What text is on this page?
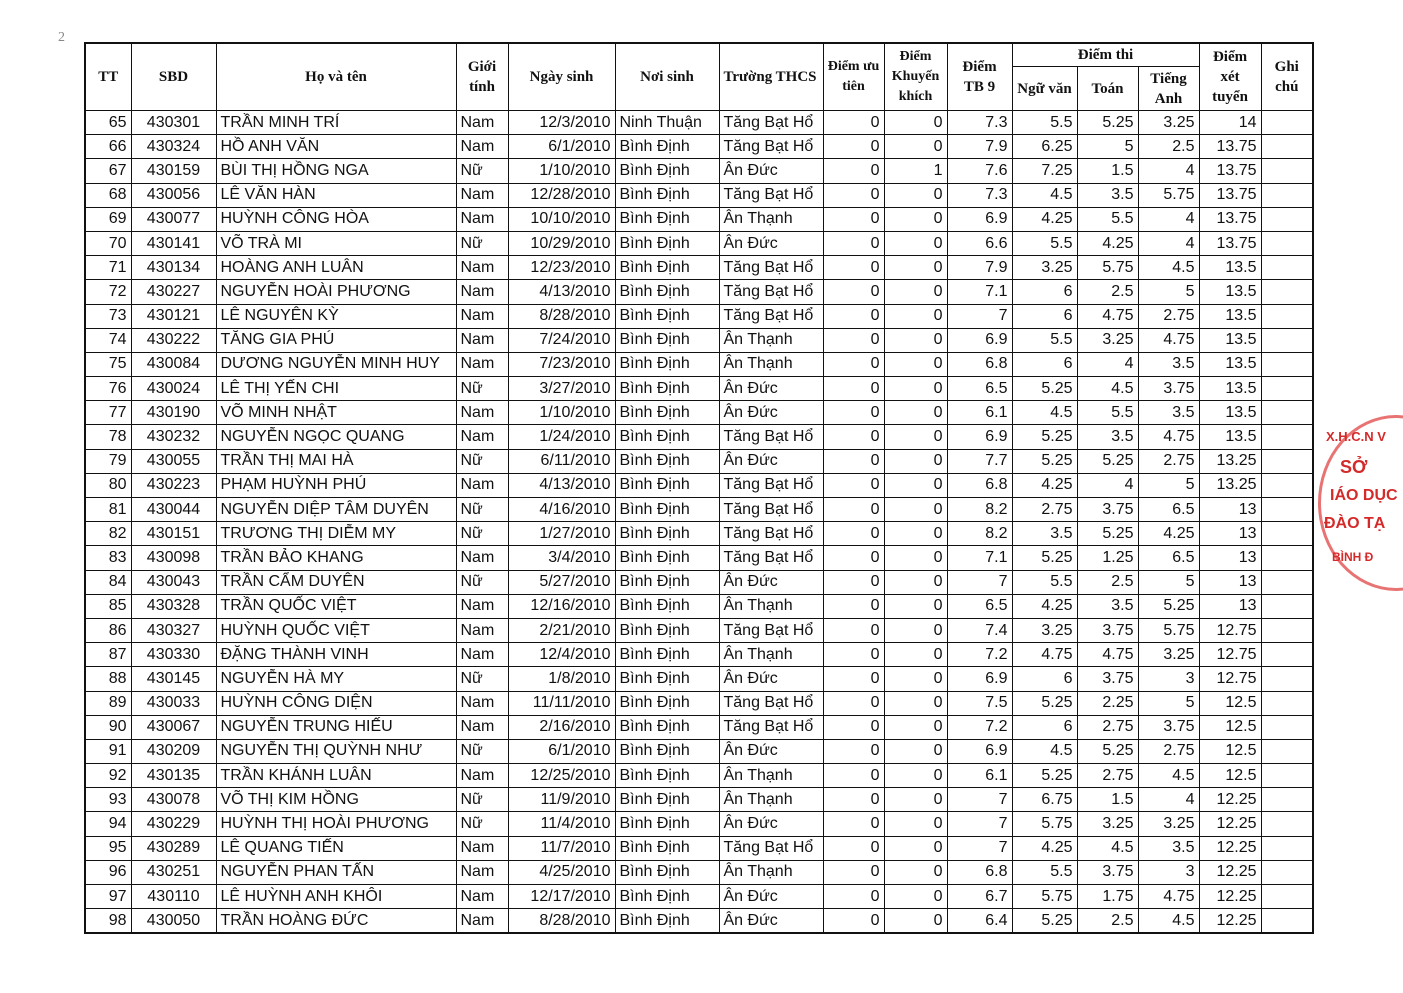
2
TT	SBD	Họ và tên	Giới tính	Ngày sinh	Nơi sinh	Trường THCS	Điểm ưu tiên	Điểm Khuyến khích	Điểm TB 9	Điểm thi			Điểm xét tuyển	Ghi chú
										Ngữ văn	Toán	Tiếng Anh		
65	430301	TRẦN MINH TRÍ	Nam	12/3/2010	Ninh Thuận	Tăng Bạt Hổ	0	0	7.3	5.5	5.25	3.25	14	
66	430324	HỒ ANH VĂN	Nam	6/1/2010	Bình Định	Tăng Bạt Hổ	0	0	7.9	6.25	5	2.5	13.75	
67	430159	BÙI THỊ HỒNG NGA	Nữ	1/10/2010	Bình Định	Ân Đức	0	1	7.6	7.25	1.5	4	13.75	
68	430056	LÊ VĂN HÀN	Nam	12/28/2010	Bình Định	Tăng Bạt Hổ	0	0	7.3	4.5	3.5	5.75	13.75	
69	430077	HUỲNH CÔNG HÒA	Nam	10/10/2010	Bình Định	Ân Thạnh	0	0	6.9	4.25	5.5	4	13.75	
70	430141	VÕ TRÀ MI	Nữ	10/29/2010	Bình Định	Ân Đức	0	0	6.6	5.5	4.25	4	13.75	
71	430134	HOÀNG ANH LUÂN	Nam	12/23/2010	Bình Định	Tăng Bạt Hổ	0	0	7.9	3.25	5.75	4.5	13.5	
72	430227	NGUYỄN HOÀI PHƯƠNG	Nam	4/13/2010	Bình Định	Tăng Bạt Hổ	0	0	7.1	6	2.5	5	13.5	
73	430121	LÊ NGUYÊN KỲ	Nam	8/28/2010	Bình Định	Tăng Bạt Hổ	0	0	7	6	4.75	2.75	13.5	
74	430222	TĂNG GIA PHÚ	Nam	7/24/2010	Bình Định	Ân Thạnh	0	0	6.9	5.5	3.25	4.75	13.5	
75	430084	DƯƠNG NGUYỄN MINH HUY	Nam	7/23/2010	Bình Định	Ân Thạnh	0	0	6.8	6	4	3.5	13.5	
76	430024	LÊ THỊ YẾN CHI	Nữ	3/27/2010	Bình Định	Ân Đức	0	0	6.5	5.25	4.5	3.75	13.5	
77	430190	VÕ MINH NHẬT	Nam	1/10/2010	Bình Định	Ân Đức	0	0	6.1	4.5	5.5	3.5	13.5	
78	430232	NGUYỄN NGỌC QUANG	Nam	1/24/2010	Bình Định	Tăng Bạt Hổ	0	0	6.9	5.25	3.5	4.75	13.5	
79	430055	TRẦN THỊ MAI HÀ	Nữ	6/11/2010	Bình Định	Ân Đức	0	0	7.7	5.25	5.25	2.75	13.25	
80	430223	PHẠM HUỲNH PHÚ	Nam	4/13/2010	Bình Định	Tăng Bạt Hổ	0	0	6.8	4.25	4	5	13.25	
81	430044	NGUYỄN DIỆP TÂM DUYÊN	Nữ	4/16/2010	Bình Định	Tăng Bạt Hổ	0	0	8.2	2.75	3.75	6.5	13	
82	430151	TRƯƠNG THỊ DIỄM MY	Nữ	1/27/2010	Bình Định	Tăng Bạt Hổ	0	0	8.2	3.5	5.25	4.25	13	
83	430098	TRẦN BẢO KHANG	Nam	3/4/2010	Bình Định	Tăng Bạt Hổ	0	0	7.1	5.25	1.25	6.5	13	
84	430043	TRẦN CẨM DUYÊN	Nữ	5/27/2010	Bình Định	Ân Đức	0	0	7	5.5	2.5	5	13	
85	430328	TRẦN QUỐC VIỆT	Nam	12/16/2010	Bình Định	Ân Thạnh	0	0	6.5	4.25	3.5	5.25	13	
86	430327	HUỲNH QUỐC VIỆT	Nam	2/21/2010	Bình Định	Tăng Bạt Hổ	0	0	7.4	3.25	3.75	5.75	12.75	
87	430330	ĐẶNG THÀNH VINH	Nam	12/4/2010	Bình Định	Ân Thạnh	0	0	7.2	4.75	4.75	3.25	12.75	
88	430145	NGUYỄN HÀ MY	Nữ	1/8/2010	Bình Định	Ân Đức	0	0	6.9	6	3.75	3	12.75	
89	430033	HUỲNH CÔNG DIỆN	Nam	11/11/2010	Bình Định	Tăng Bạt Hổ	0	0	7.5	5.25	2.25	5	12.5	
90	430067	NGUYỄN TRUNG HIẾU	Nam	2/16/2010	Bình Định	Tăng Bạt Hổ	0	0	7.2	6	2.75	3.75	12.5	
91	430209	NGUYỄN THỊ QUỲNH NHƯ	Nữ	6/1/2010	Bình Định	Ân Đức	0	0	6.9	4.5	5.25	2.75	12.5	
92	430135	TRẦN KHÁNH LUÂN	Nam	12/25/2010	Bình Định	Ân Thạnh	0	0	6.1	5.25	2.75	4.5	12.5	
93	430078	VÕ THỊ KIM HỒNG	Nữ	11/9/2010	Bình Định	Ân Thạnh	0	0	7	6.75	1.5	4	12.25	
94	430229	HUỲNH THỊ HOÀI PHƯƠNG	Nữ	11/4/2010	Bình Định	Ân Đức	0	0	7	5.75	3.25	3.25	12.25	
95	430289	LÊ QUANG TIẾN	Nam	11/7/2010	Bình Định	Tăng Bạt Hổ	0	0	7	4.25	4.5	3.5	12.25	
96	430251	NGUYỄN PHAN TẤN	Nam	4/25/2010	Bình Định	Ân Thạnh	0	0	6.8	5.5	3.75	3	12.25	
97	430110	LÊ HUỲNH ANH KHÔI	Nam	12/17/2010	Bình Định	Ân Đức	0	0	6.7	5.75	1.75	4.75	12.25	
98	430050	TRẦN HOÀNG ĐỨC	Nam	8/28/2010	Bình Định	Ân Đức	0	0	6.4	5.25	2.5	4.5	12.25	
X.H.C.N V
SỞ
IÁO DỤC
ĐÀO TẠ
BÌNH Đ
